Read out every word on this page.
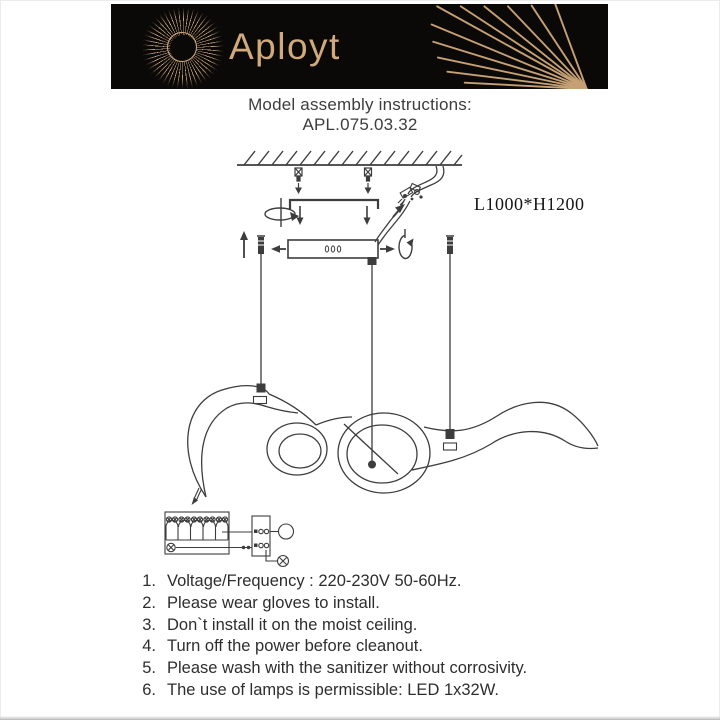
Aployt
Model assembly instructions:
APL.075.03.32
L1000*H1200
1. Voltage/Frequency : 220-230V 50-60Hz.
2. Please wear gloves to install.
3. Don`t install it on the moist ceiling.
4. Turn off the power before cleanout.
5. Please wash with the sanitizer without corrosivity.
6. The use of lamps is permissible: LED 1x32W.
